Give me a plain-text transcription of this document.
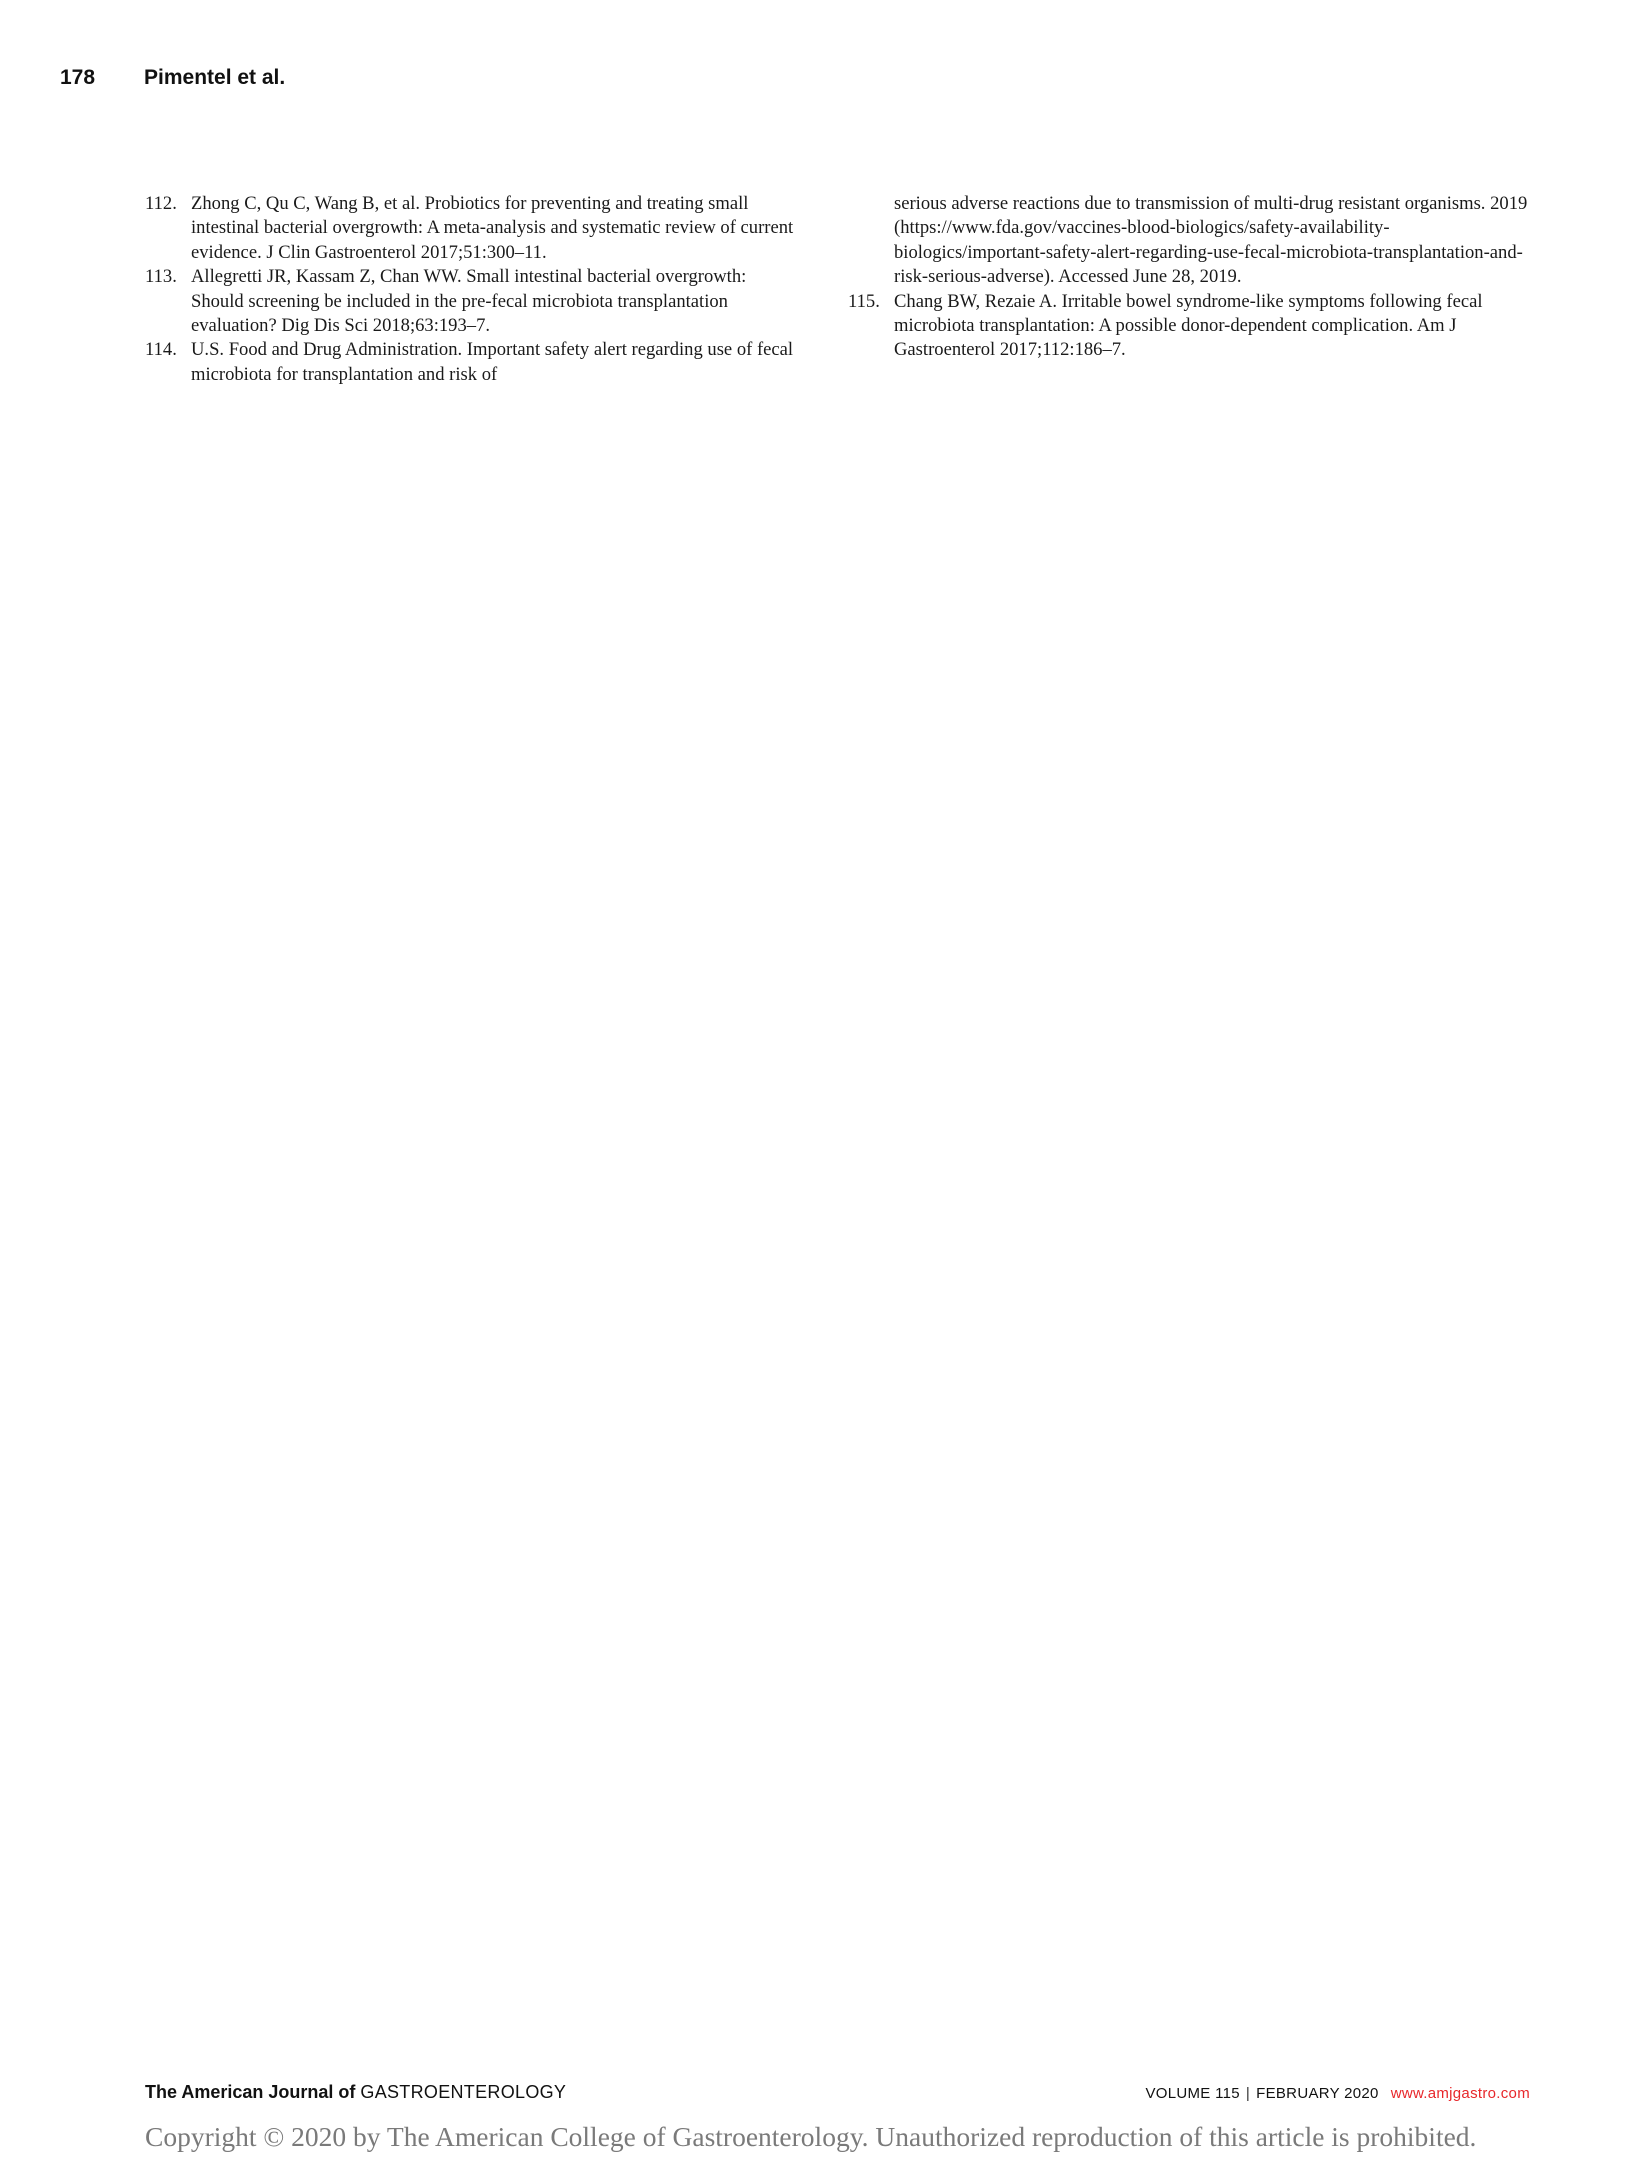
178 Pimentel et al.

112. Zhong C, Qu C, Wang B, et al. Probiotics for preventing and treating small intestinal bacterial overgrowth: A meta-analysis and systematic review of current evidence. J Clin Gastroenterol 2017;51:300–11.

113. Allegretti JR, Kassam Z, Chan WW. Small intestinal bacterial overgrowth: Should screening be included in the pre-fecal microbiota transplantation evaluation? Dig Dis Sci 2018;63:193–7.

114. U.S. Food and Drug Administration. Important safety alert regarding use of fecal microbiota for transplantation and risk of

serious adverse reactions due to transmission of multi-drug resistant organisms. 2019 (https://www.fda.gov/vaccines-blood-biologics/safety-availability-biologics/important-safety-alert-regarding-use-fecal-microbiota-transplantation-and-risk-serious-adverse). Accessed June 28, 2019.

115. Chang BW, Rezaie A. Irritable bowel syndrome-like symptoms following fecal microbiota transplantation: A possible donor-dependent complication. Am J Gastroenterol 2017;112:186–7.

The American Journal of GASTROENTEROLOGY	VOLUME 115 | FEBRUARY 2020 www.amjgastro.com
Copyright © 2020 by The American College of Gastroenterology. Unauthorized reproduction of this article is prohibited.
